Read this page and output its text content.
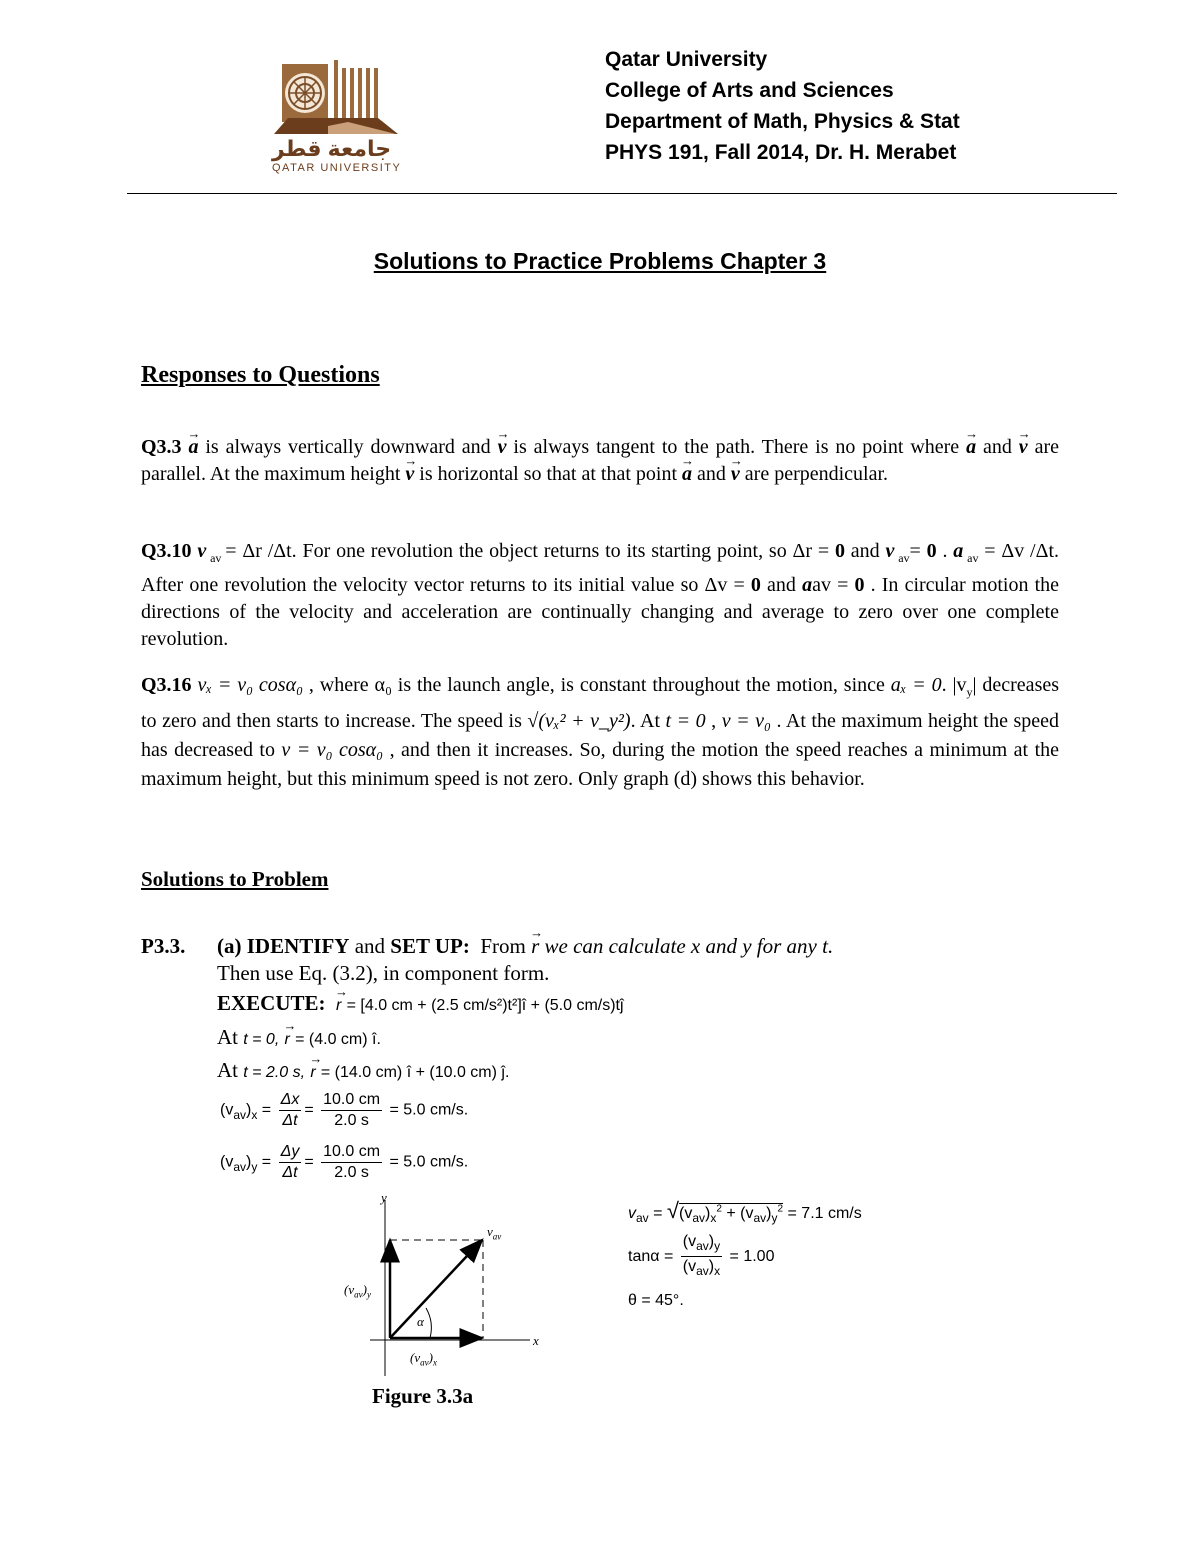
جامعة قطر
QATAR UNIVERSITY
Qatar University
College of Arts and Sciences
Department of Math, Physics & Stat
PHYS 191, Fall 2014, Dr. H. Merabet
Solutions to Practice Problems Chapter 3
Responses to Questions
Q3.3 → a is always vertically downward and → v is always tangent to the path. There is no point where → a and → v are parallel. At the maximum height → v is horizontal so that at that point → a and → v are perpendicular.
Q3.10 v $_{av}$ = Δr /Δt. For one revolution the object returns to its starting point, so Δr = 0 and v $_{av}$= 0 . a $_{av}$ = Δv /Δt. After one revolution the velocity vector returns to its initial value so Δv = 0 and aav = 0 . In circular motion the directions of the velocity and acceleration are continually changing and average to zero over one complete revolution.
Q3.16 vₓ = v₀ cosα₀ , where α₀ is the launch angle, is constant throughout the motion, since aₓ = 0. $|v_y|$ decreases to zero and then starts to increase. The speed is √(vₓ² + v_y²). At t = 0 , v = v₀ . At the maximum height the speed has decreased to v = v₀ cosα₀ , and then it increases. So, during the motion the speed reaches a minimum at the maximum height, but this minimum speed is not zero. Only graph (d) shows this behavior.
Solutions to Problem
P3.3. (a) IDENTIFY and SET UP: From → r we can calculate x and y for any t.
Then use Eq. (3.2), in component form.
EXECUTE: → r = [4.0 cm + (2.5 cm/s²)t²]î + (5.0 cm/s)tĵ
At t = 0, → r = (4.0 cm) î.
At t = 2.0 s, → r = (14.0 cm) î + (10.0 cm) ĵ.
$(v_{av})_x = \frac{\Delta x}{\Delta t} = \frac{10.0 cm}{2.0 s} = 5.0$ cm/s.
$(v_{av})_y = \frac{\Delta y}{\Delta t} = \frac{10.0 cm}{2.0 s} = 5.0$ cm/s.
y
x
$v_{av}$
$(v_{av})_y$
$(v_{av})_x$
α
Figure 3.3a
$v_{av} = √(v_{av})_x^2 + (v_{av})_y^2 = 7.1$ cm/s
$\tan\alpha = \frac{(v_{av})_y}{(v_{av})_x} = 1.00$
θ = 45°.
